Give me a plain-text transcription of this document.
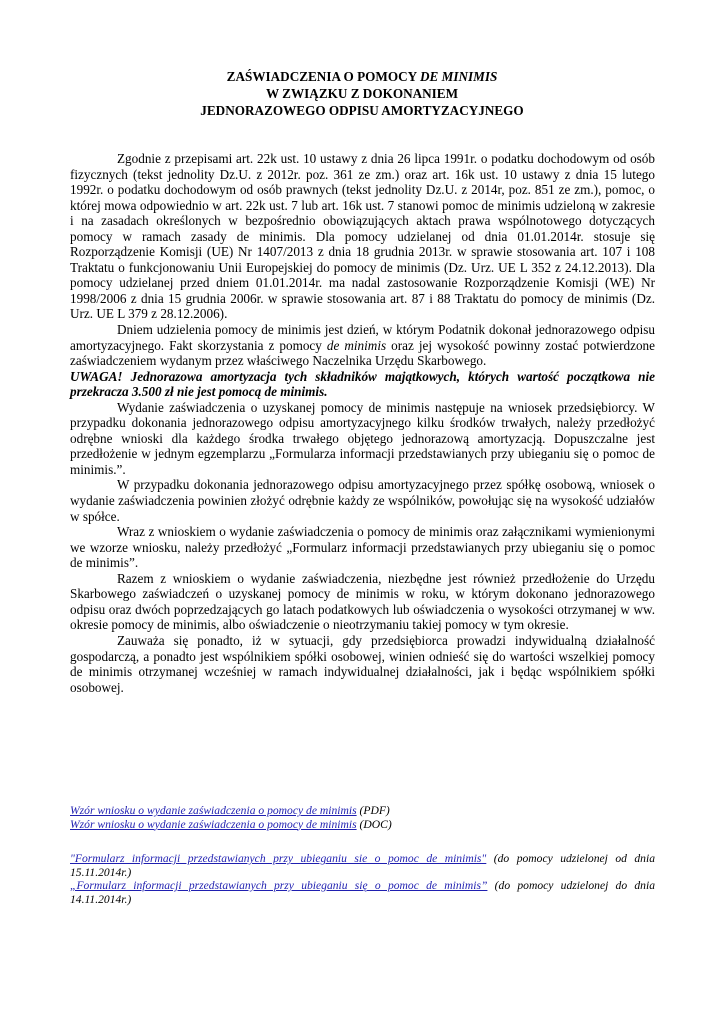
ZAŚWIADCZENIA O POMOCY DE MINIMIS
W ZWIĄZKU Z DOKONANIEM
JEDNORAZOWEGO ODPISU AMORTYZACYJNEGO

Zgodnie z przepisami art. 22k ust. 10 ustawy z dnia 26 lipca 1991r. o podatku dochodowym od osób fizycznych (tekst jednolity Dz.U. z 2012r. poz. 361 ze zm.) oraz art. 16k ust. 10 ustawy z dnia 15 lutego 1992r. o podatku dochodowym od osób prawnych (tekst jednolity Dz.U. z 2014r, poz. 851 ze zm.), pomoc, o której mowa odpowiednio w art. 22k ust. 7 lub art. 16k ust. 7 stanowi pomoc de minimis udzieloną w zakresie i na zasadach określonych w bezpośrednio obowiązujących aktach prawa wspólnotowego dotyczących pomocy w ramach zasady de minimis. Dla pomocy udzielanej od dnia 01.01.2014r. stosuje się Rozporządzenie Komisji (UE) Nr 1407/2013 z dnia 18 grudnia 2013r. w sprawie stosowania art. 107 i 108 Traktatu o funkcjonowaniu Unii Europejskiej do pomocy de minimis (Dz. Urz. UE L 352 z 24.12.2013). Dla pomocy udzielanej przed dniem 01.01.2014r. ma nadal zastosowanie Rozporządzenie Komisji (WE) Nr 1998/2006 z dnia 15 grudnia 2006r. w sprawie stosowania art. 87 i 88 Traktatu do pomocy de minimis (Dz. Urz. UE L 379 z 28.12.2006).

Dniem udzielenia pomocy de minimis jest dzień, w którym Podatnik dokonał jednorazowego odpisu amortyzacyjnego. Fakt skorzystania z pomocy de minimis oraz jej wysokość powinny zostać potwierdzone zaświadczeniem wydanym przez właściwego Naczelnika Urzędu Skarbowego.

UWAGA! Jednorazowa amortyzacja tych składników majątkowych, których wartość początkowa nie przekracza 3.500 zł nie jest pomocą de minimis.

Wydanie zaświadczenia o uzyskanej pomocy de minimis następuje na wniosek przedsiębiorcy. W przypadku dokonania jednorazowego odpisu amortyzacyjnego kilku środków trwałych, należy przedłożyć odrębne wnioski dla każdego środka trwałego objętego jednorazową amortyzacją. Dopuszczalne jest przedłożenie w jednym egzemplarzu „Formularza informacji przedstawianych przy ubieganiu się o pomoc de minimis.”.

W przypadku dokonania jednorazowego odpisu amortyzacyjnego przez spółkę osobową, wniosek o wydanie zaświadczenia powinien złożyć odrębnie każdy ze wspólników, powołując się na wysokość udziałów w spółce.

Wraz z wnioskiem o wydanie zaświadczenia o pomocy de minimis oraz załącznikami wymienionymi we wzorze wniosku, należy przedłożyć „Formularz informacji przedstawianych przy ubieganiu się o pomoc de minimis”.

Razem z wnioskiem o wydanie zaświadczenia, niezbędne jest również przedłożenie do Urzędu Skarbowego zaświadczeń o uzyskanej pomocy de minimis w roku, w którym dokonano jednorazowego odpisu oraz dwóch poprzedzających go latach podatkowych lub oświadczenia o wysokości otrzymanej w ww. okresie pomocy de minimis, albo oświadczenie o nieotrzymaniu takiej pomocy w tym okresie.

Zauważa się ponadto, iż w sytuacji, gdy przedsiębiorca prowadzi indywidualną działalność gospodarczą, a ponadto jest wspólnikiem spółki osobowej, winien odnieść się do wartości wszelkiej pomocy de minimis otrzymanej wcześniej w ramach indywidualnej działalności, jak i będąc wspólnikiem spółki osobowej.

Wzór wniosku o wydanie zaświadczenia o pomocy de minimis (PDF)

Wzór wniosku o wydanie zaświadczenia o pomocy de minimis (DOC)

"Formularz informacji przedstawianych przy ubieganiu sie o pomoc de minimis" (do pomocy udzielonej od dnia 15.11.2014r.)

„Formularz informacji przedstawianych przy ubieganiu się o pomoc de minimis” (do pomocy udzielonej do dnia 14.11.2014r.)
